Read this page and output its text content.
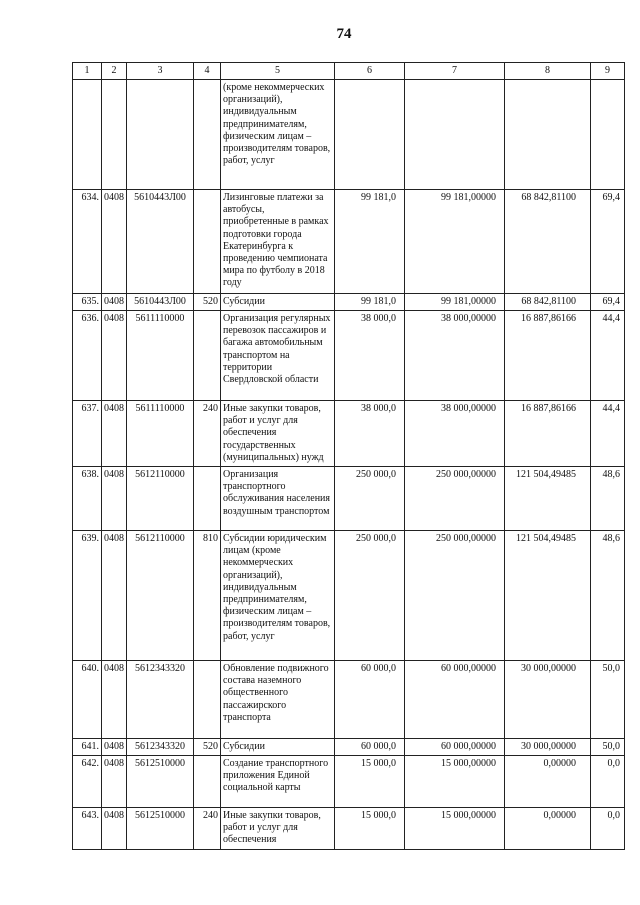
74
1	2	3	4	5	6	7	8	9
				(кроме некоммерческих организаций), индивидуальным предпринимателям, физическим лицам – производителям товаров, работ, услуг				
634.	0408	5610443Л00		Лизинговые платежи за автобусы, приобретенные в рамках подготовки города Екатеринбурга к проведению чемпионата мира по футболу в 2018 году	99 181,0	99 181,00000	68 842,81100	69,4
635.	0408	5610443Л00	520	Субсидии	99 181,0	99 181,00000	68 842,81100	69,4
636.	0408	5611110000		Организация регулярных перевозок пассажиров и багажа автомобильным транспортом на территории Свердловской области	38 000,0	38 000,00000	16 887,86166	44,4
637.	0408	5611110000	240	Иные закупки товаров, работ и услуг для обеспечения государственных (муниципальных) нужд	38 000,0	38 000,00000	16 887,86166	44,4
638.	0408	5612110000		Организация транспортного обслуживания населения воздушным транспортом	250 000,0	250 000,00000	121 504,49485	48,6
639.	0408	5612110000	810	Субсидии юридическим лицам (кроме некоммерческих организаций), индивидуальным предпринимателям, физическим лицам – производителям товаров, работ, услуг	250 000,0	250 000,00000	121 504,49485	48,6
640.	0408	5612343320		Обновление подвижного состава наземного общественного пассажирского транспорта	60 000,0	60 000,00000	30 000,00000	50,0
641.	0408	5612343320	520	Субсидии	60 000,0	60 000,00000	30 000,00000	50,0
642.	0408	5612510000		Создание транспортного приложения Единой социальной карты	15 000,0	15 000,00000	0,00000	0,0
643.	0408	5612510000	240	Иные закупки товаров, работ и услуг для обеспечения	15 000,0	15 000,00000	0,00000	0,0
